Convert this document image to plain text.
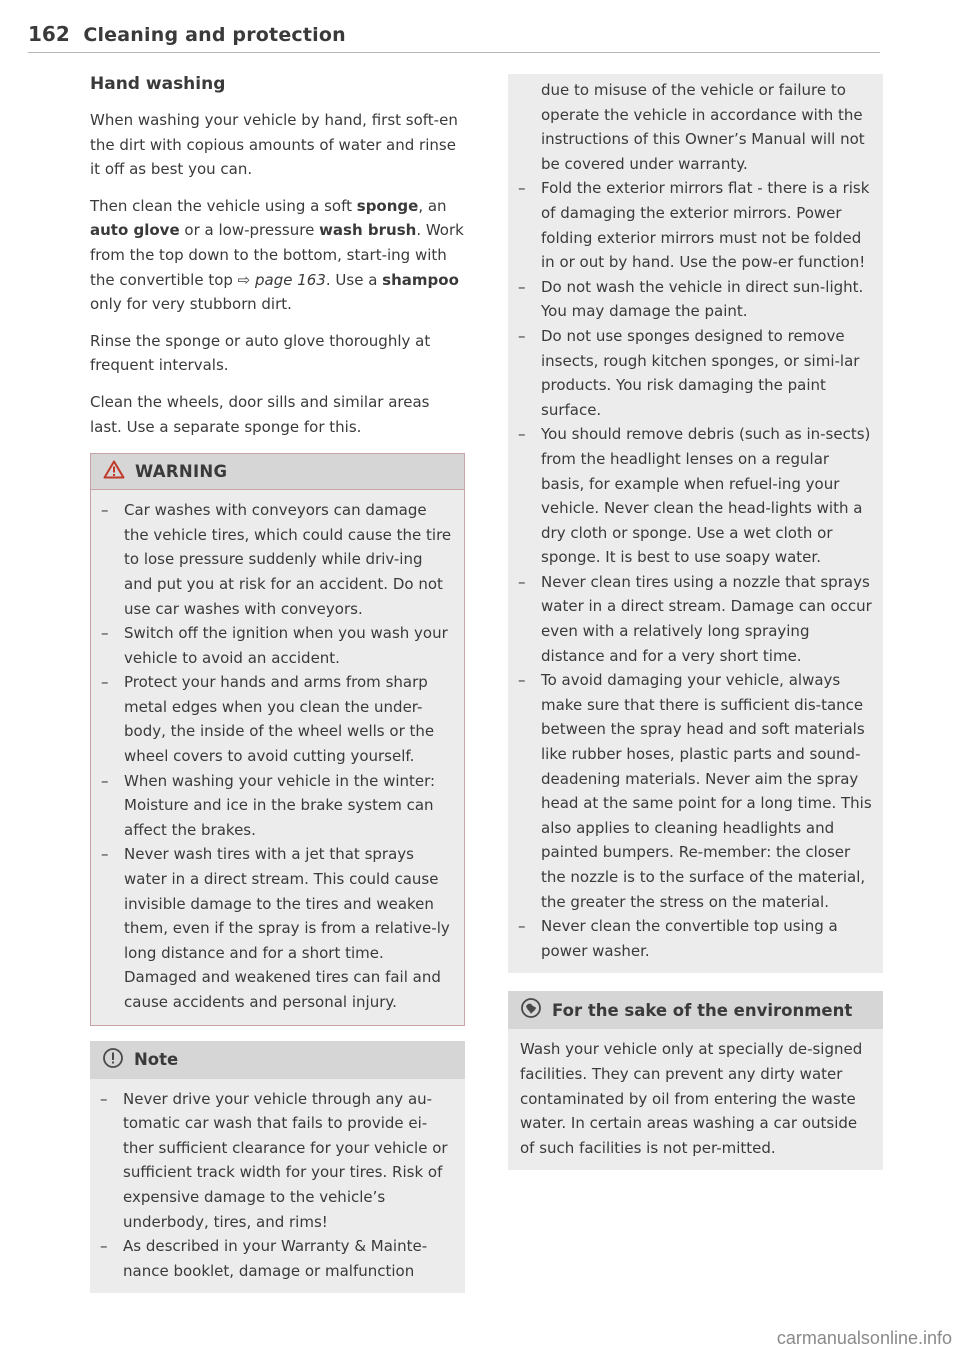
162 Cleaning and protection
Hand washing

When washing your vehicle by hand, first soft-en the dirt with copious amounts of water and rinse it off as best you can.

Then clean the vehicle using a soft sponge, an auto glove or a low-pressure wash brush. Work from the top down to the bottom, start-ing with the convertible top ⇨ page 163. Use a shampoo only for very stubborn dirt.

Rinse the sponge or auto glove thoroughly at frequent intervals.

Clean the wheels, door sills and similar areas last. Use a separate sponge for this.

WARNING
– Car washes with conveyors can damage the vehicle tires, which could cause the tire to lose pressure suddenly while driv-ing and put you at risk for an accident. Do not use car washes with conveyors.
– Switch off the ignition when you wash your vehicle to avoid an accident.
– Protect your hands and arms from sharp metal edges when you clean the under-body, the inside of the wheel wells or the wheel covers to avoid cutting yourself.
– When washing your vehicle in the winter: Moisture and ice in the brake system can affect the brakes.
– Never wash tires with a jet that sprays water in a direct stream. This could cause invisible damage to the tires and weaken them, even if the spray is from a relative-ly long distance and for a short time. Damaged and weakened tires can fail and cause accidents and personal injury.
Note
– Never drive your vehicle through any au-tomatic car wash that fails to provide ei-ther sufficient clearance for your vehicle or sufficient track width for your tires. Risk of expensive damage to the vehicle’s underbody, tires, and rims!
– As described in your Warranty & Mainte-nance booklet, damage or malfunction
due to misuse of the vehicle or failure to operate the vehicle in accordance with the instructions of this Owner’s Manual will not be covered under warranty.
– Fold the exterior mirrors flat - there is a risk of damaging the exterior mirrors. Power folding exterior mirrors must not be folded in or out by hand. Use the pow-er function!
– Do not wash the vehicle in direct sun-light. You may damage the paint.
– Do not use sponges designed to remove insects, rough kitchen sponges, or simi-lar products. You risk damaging the paint surface.
– You should remove debris (such as in-sects) from the headlight lenses on a regular basis, for example when refuel-ing your vehicle. Never clean the head-lights with a dry cloth or sponge. Use a wet cloth or sponge. It is best to use soapy water.
– Never clean tires using a nozzle that sprays water in a direct stream. Damage can occur even with a relatively long spraying distance and for a very short time.
– To avoid damaging your vehicle, always make sure that there is sufficient dis-tance between the spray head and soft materials like rubber hoses, plastic parts and sound-deadening materials. Never aim the spray head at the same point for a long time. This also applies to cleaning headlights and painted bumpers. Re-member: the closer the nozzle is to the surface of the material, the greater the stress on the material.
– Never clean the convertible top using a power washer.
For the sake of the environment
Wash your vehicle only at specially de-signed facilities. They can prevent any dirty water contaminated by oil from entering the waste water. In certain areas washing a car outside of such facilities is not per-mitted.
carmanualsonline.info
